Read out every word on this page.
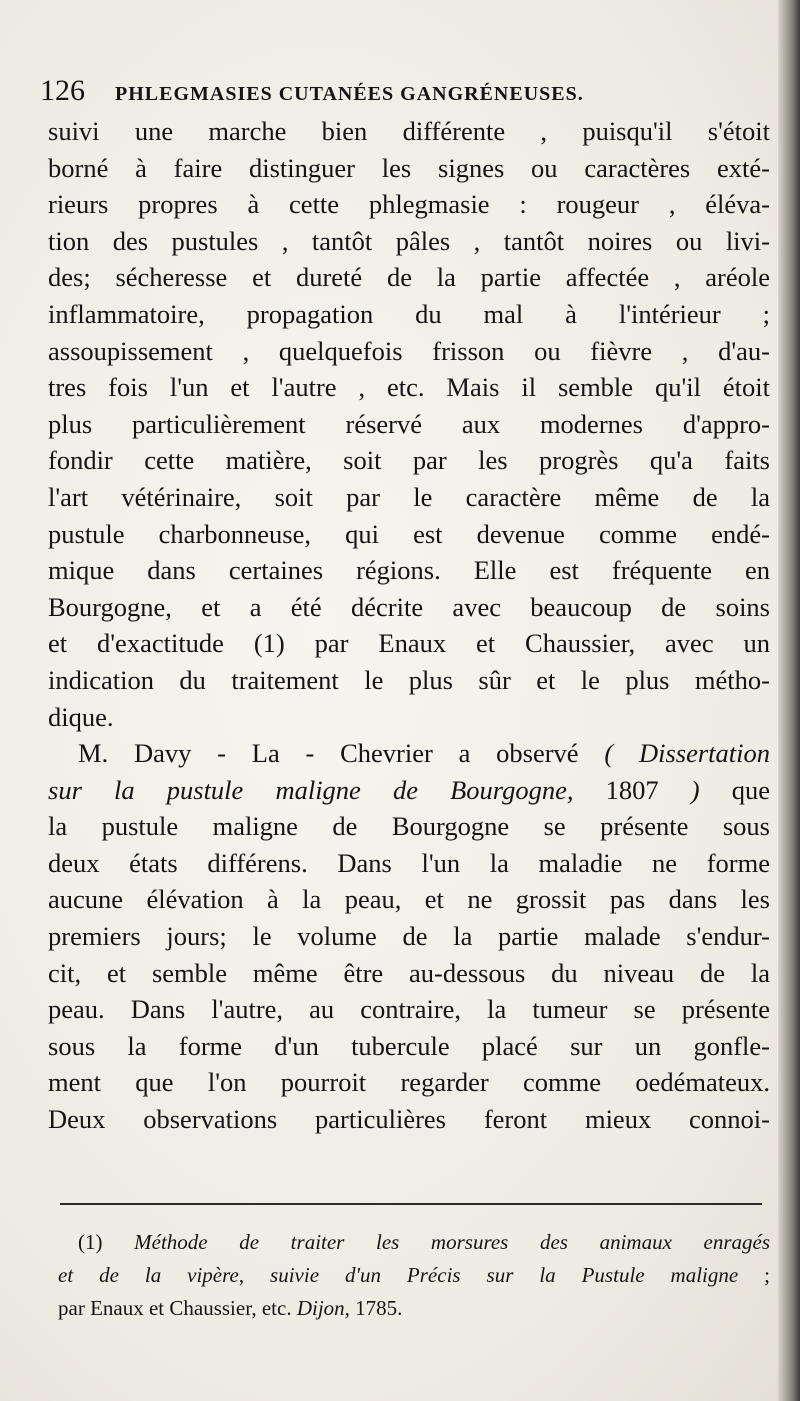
126 PHLEGMASIES CUTANÉES GANGRÉNEUSES.
suivi une marche bien différente , puisqu'il s'étoit
borné à faire distinguer les signes ou caractères exté-
rieurs propres à cette phlegmasie : rougeur , éléva-
tion des pustules , tantôt pâles , tantôt noires ou livi-
des; sécheresse et dureté de la partie affectée , aréole
inflammatoire, propagation du mal à l'intérieur ;
assoupissement , quelquefois frisson ou fièvre , d'au-
tres fois l'un et l'autre , etc. Mais il semble qu'il étoit
plus particulièrement réservé aux modernes d'appro-
fondir cette matière, soit par les progrès qu'a faits
l'art vétérinaire, soit par le caractère même de la
pustule charbonneuse, qui est devenue comme endé-
mique dans certaines régions. Elle est fréquente en
Bourgogne, et a été décrite avec beaucoup de soins
et d'exactitude (1) par Enaux et Chaussier, avec un
indication du traitement le plus sûr et le plus métho-
dique.
M. Davy - La - Chevrier a observé ( Dissertation
sur la pustule maligne de Bourgogne, 1807 ) que
la pustule maligne de Bourgogne se présente sous
deux états différens. Dans l'un la maladie ne forme
aucune élévation à la peau, et ne grossit pas dans les
premiers jours; le volume de la partie malade s'endur-
cit, et semble même être au-dessous du niveau de la
peau. Dans l'autre, au contraire, la tumeur se présente
sous la forme d'un tubercule placé sur un gonfle-
ment que l'on pourroit regarder comme oedémateux.
Deux observations particulières feront mieux connoi-
(1) Méthode de traiter les morsures des animaux enragés
et de la vipère, suivie d'un Précis sur la Pustule maligne ;
par Enaux et Chaussier, etc. Dijon, 1785.
